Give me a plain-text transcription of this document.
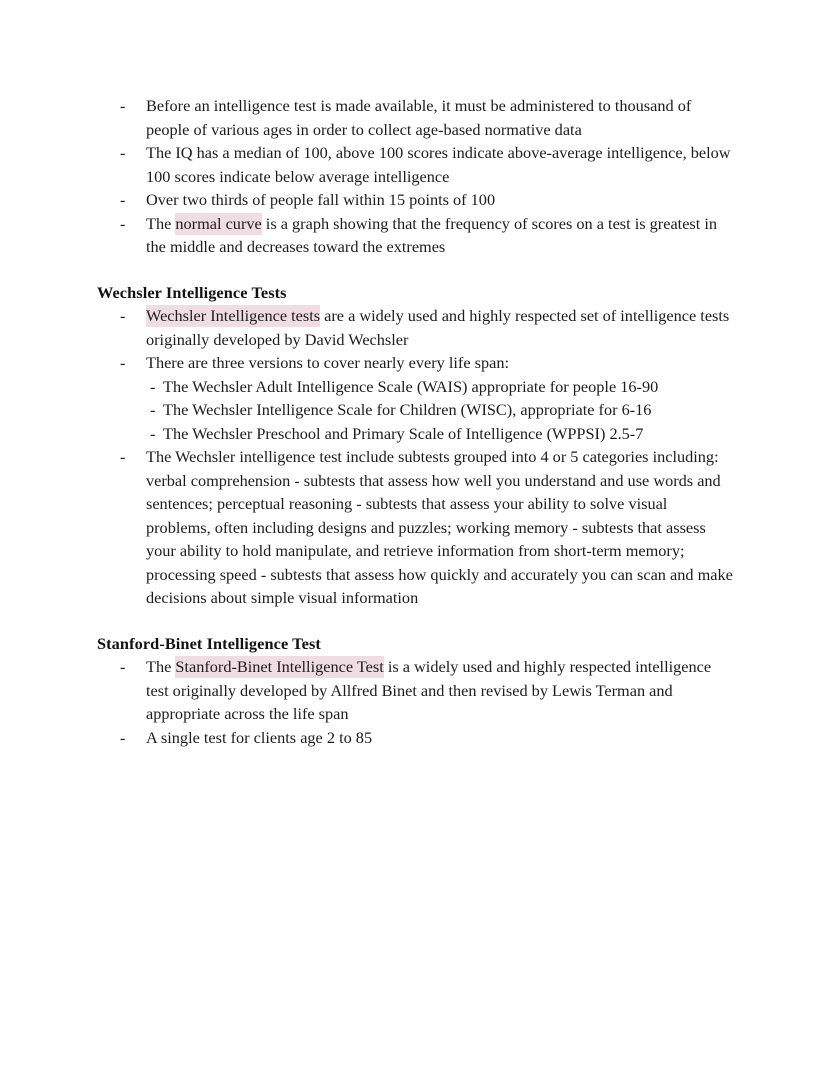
- Before an intelligence test is made available, it must be administered to thousand of people of various ages in order to collect age-based normative data
- The IQ has a median of 100, above 100 scores indicate above-average intelligence, below 100 scores indicate below average intelligence
- Over two thirds of people fall within 15 points of 100
- The normal curve is a graph showing that the frequency of scores on a test is greatest in the middle and decreases toward the extremes
Wechsler Intelligence Tests
- Wechsler Intelligence tests are a widely used and highly respected set of intelligence tests originally developed by David Wechsler
- There are three versions to cover nearly every life span:
- The Wechsler Adult Intelligence Scale (WAIS) appropriate for people 16-90
- The Wechsler Intelligence Scale for Children (WISC), appropriate for 6-16
- The Wechsler Preschool and Primary Scale of Intelligence (WPPSI) 2.5-7
- The Wechsler intelligence test include subtests grouped into 4 or 5 categories including: verbal comprehension - subtests that assess how well you understand and use words and sentences; perceptual reasoning - subtests that assess your ability to solve visual problems, often including designs and puzzles; working memory - subtests that assess your ability to hold manipulate, and retrieve information from short-term memory; processing speed - subtests that assess how quickly and accurately you can scan and make decisions about simple visual information
Stanford-Binet Intelligence Test
- The Stanford-Binet Intelligence Test is a widely used and highly respected intelligence test originally developed by Allfred Binet and then revised by Lewis Terman and appropriate across the life span
- A single test for clients age 2 to 85
